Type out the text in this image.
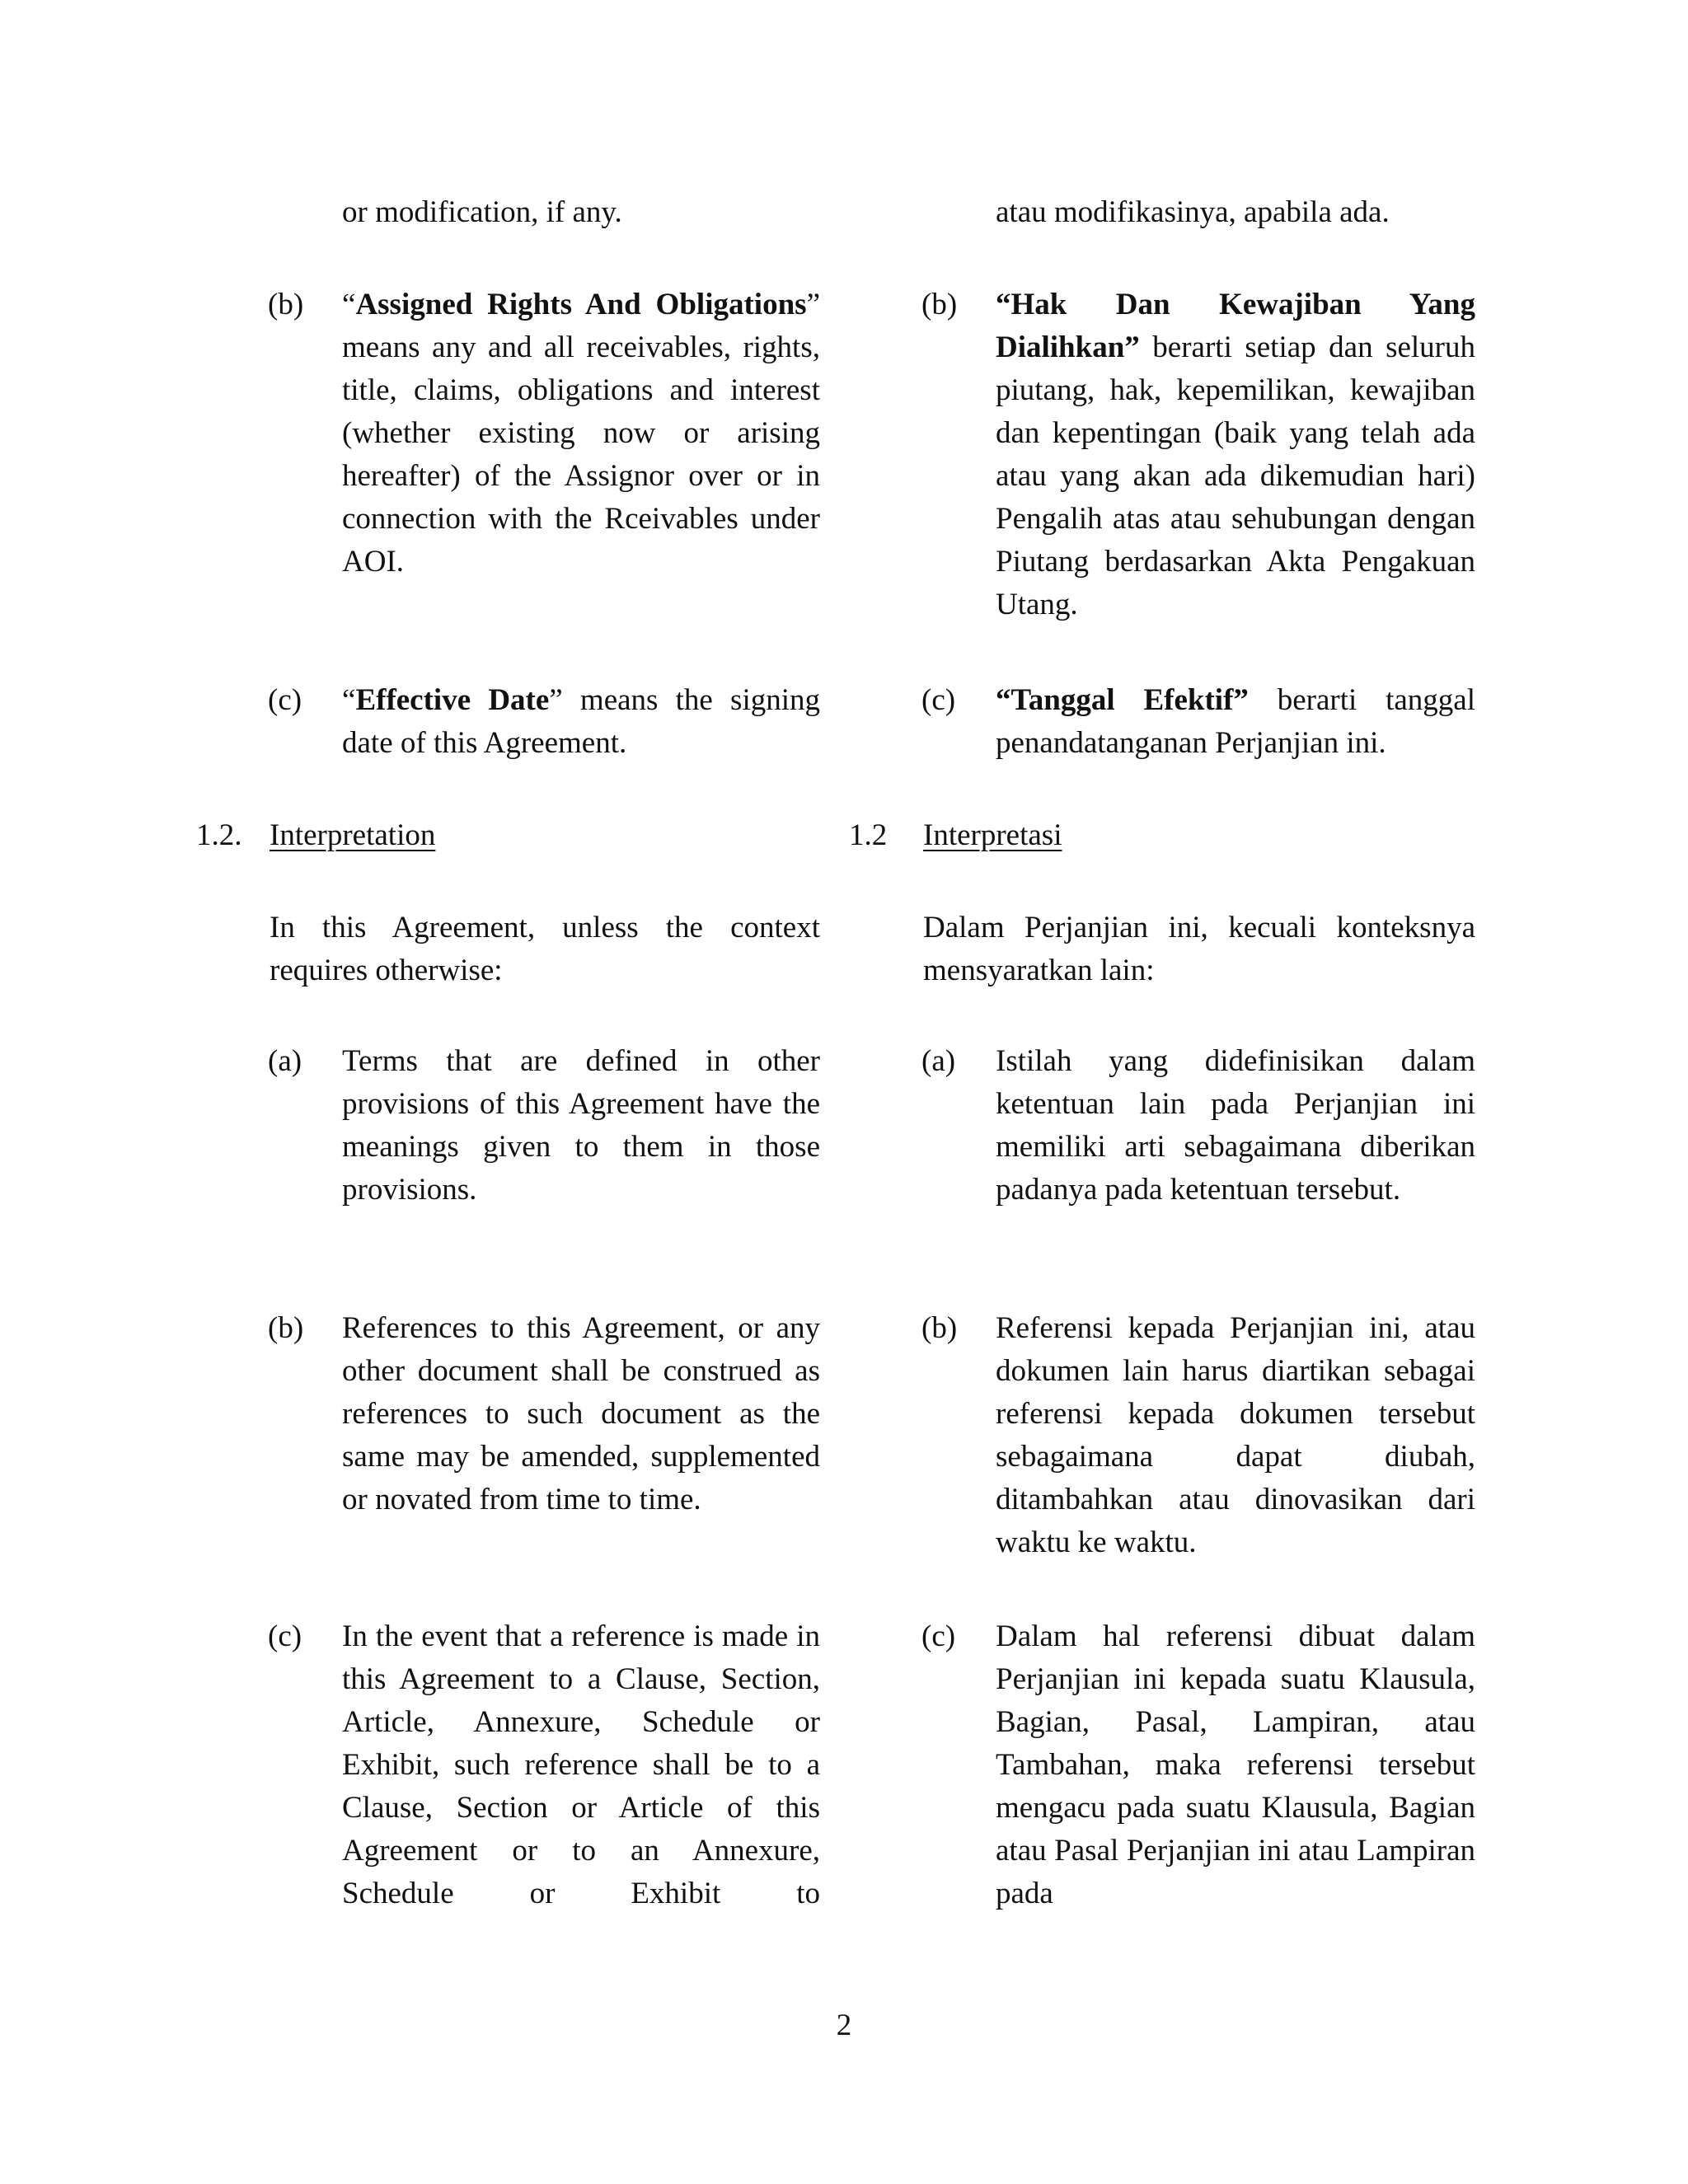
or modification, if any.
(b) “Assigned Rights And Obligations” means any and all receivables, rights, title, claims, obligations and interest (whether existing now or arising hereafter) of the Assignor over or in connection with the Rceivables under AOI.
(c) “Effective Date” means the signing date of this Agreement.
1.2. Interpretation
In this Agreement, unless the context requires otherwise:
(a) Terms that are defined in other provisions of this Agreement have the meanings given to them in those provisions.
(b) References to this Agreement, or any other document shall be construed as references to such document as the same may be amended, supplemented or novated from time to time.
(c) In the event that a reference is made in this Agreement to a Clause, Section, Article, Annexure, Schedule or Exhibit, such reference shall be to a Clause, Section or Article of this Agreement or to an Annexure, Schedule or Exhibit to
atau modifikasinya, apabila ada.
(b) “Hak Dan Kewajiban Yang Dialihkan” berarti setiap dan seluruh piutang, hak, kepemilikan, kewajiban dan kepentingan (baik yang telah ada atau yang akan ada dikemudian hari) Pengalih atas atau sehubungan dengan Piutang berdasarkan Akta Pengakuan Utang.
(c) “Tanggal Efektif” berarti tanggal penandatanganan Perjanjian ini.
1.2 Interpretasi
Dalam Perjanjian ini, kecuali konteksnya mensyaratkan lain:
(a) Istilah yang didefinisikan dalam ketentuan lain pada Perjanjian ini memiliki arti sebagaimana diberikan padanya pada ketentuan tersebut.
(b) Referensi kepada Perjanjian ini, atau dokumen lain harus diartikan sebagai referensi kepada dokumen tersebut sebagaimana dapat diubah, ditambahkan atau dinovasikan dari waktu ke waktu.
(c) Dalam hal referensi dibuat dalam Perjanjian ini kepada suatu Klausula, Bagian, Pasal, Lampiran, atau Tambahan, maka referensi tersebut mengacu pada suatu Klausula, Bagian atau Pasal Perjanjian ini atau Lampiran pada
2
